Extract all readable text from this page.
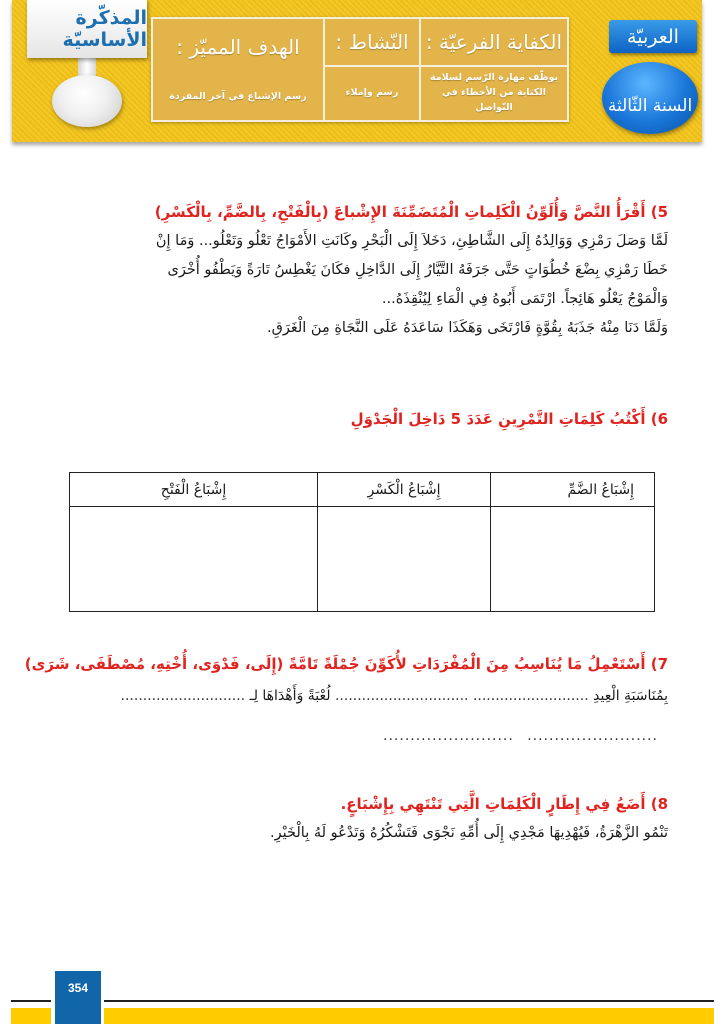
المذكّرة الأساسيّة	الهدف المميّز :
رسم الإشباع في آخر المفردة
النّشاط :
رسم وإملاء
الكفاية الفرعيّة :
يوظّف مهارة الرّسم لسلامة الكتابة من الأخطاء في التّواصل
العربيّة
السنة الثّالثة
5) أَقْرَأُ النَّصَّ وَأُلَوِّنُ الْكَلِماتِ الْمُتَضَمِّنَةَ الإِشْباعَ (بِالْفَتْحِ، بِالضَّمِّ، بِالْكَسْرِ)
لَمَّا وَصَلَ رَمْزِي وَوَالِدُهُ إِلَى الشَّاطِئِ، دَخَلاَ إِلَى الْبَحْرِ وكَانَتِ الأَمْوَاجُ تَعْلُو وَتَعْلُو... وَمَا إِنْ
خَطَا رَمْزِي بِضْعَ خُطُوَاتٍ حَتَّى جَرَفَهُ التَّيَّارُ إِلَى الدَّاخِلِ فكَانَ يَغْطِسُ تَارَةً وَيَطْفُو أُخْرَى
وَالْمَوْجُ يَعْلُو هَائِجاً. ارْتَمَى أَبُوهُ فِي الْمَاءِ لِيُنْقِذَهُ...
وَلَمَّا دَنَا مِنْهُ جَذَبَهُ بِقُوَّةٍ فَارْتَخَى وَهَكَذَا سَاعَدَهُ عَلَى النَّجَاةِ مِنَ الْغَرَقِ.
6) أَكْتُبُ كَلِمَاتِ التَّمْرِينِ عَدَدَ 5 دَاخِلَ الْجَدْوَلِ
إِشْبَاعُ الضَّمِّ
إِشْبَاعُ الْكَسْرِ
إِشْبَاعُ الْفَتْحِ
7) أَسْتَعْمِلُ مَا يُنَاسِبُ مِنَ الْمُفْرَدَاتِ لأُكَوِّنَ جُمْلَةً تَامَّةً (إِلَى، فَدْوَى، أُخْتِهِ، مُصْطَفَى، شَرَى)
بِمُنَاسَبَةِ الْعِيدِ .......................... .............................. لُعْبَةً وَأَهْدَاهَا لِـ ............................
........................   ........................
8) أَضَعُ فِي إِطَارٍ الْكَلِمَاتِ الَّتِي تَنْتَهِي بِإِشْبَاعٍ.
تَنْمُو الزَّهْرَةُ، فَيُهْدِيهَا مَجْدِي إِلَى أُمِّهِ نَجْوَى فَتَشْكُرُهُ وَتَدْعُو لَهُ بِالْخَيْرِ.
354
